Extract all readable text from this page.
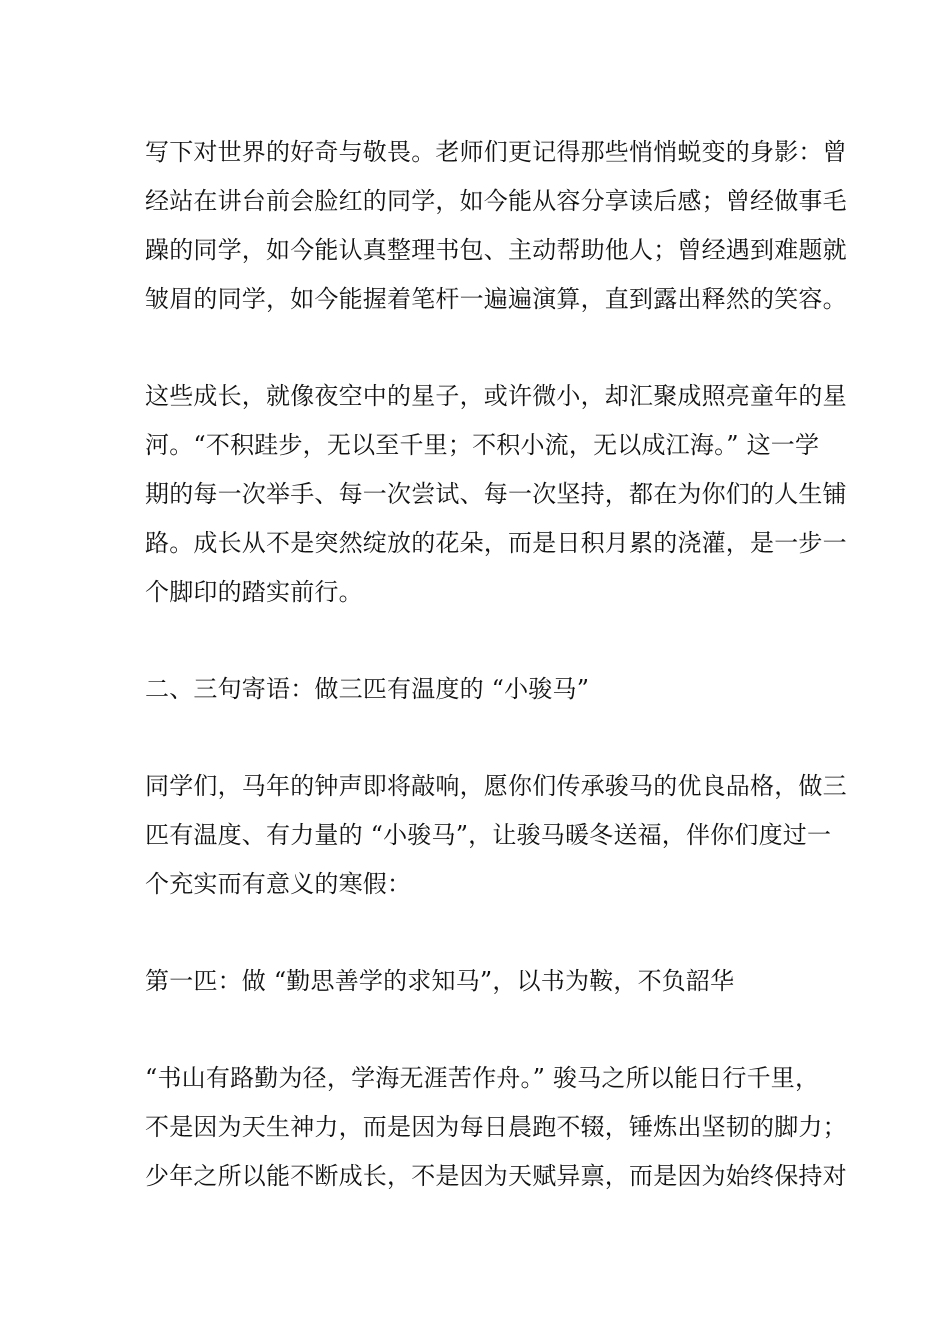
写下对世界的好奇与敬畏。老师们更记得那些悄悄蜕变的身影：曾
经站在讲台前会脸红的同学，如今能从容分享读后感；曾经做事毛
躁的同学，如今能认真整理书包、主动帮助他人；曾经遇到难题就
皱眉的同学，如今能握着笔杆一遍遍演算，直到露出释然的笑容。
这些成长，就像夜空中的星子，或许微小，却汇聚成照亮童年的星
河。“不积跬步，无以至千里；不积小流，无以成江海。” 这一学
期的每一次举手、每一次尝试、每一次坚持，都在为你们的人生铺
路。成长从不是突然绽放的花朵，而是日积月累的浇灌，是一步一
个脚印的踏实前行。
二、三句寄语：做三匹有温度的 “小骏马”
同学们，马年的钟声即将敲响，愿你们传承骏马的优良品格，做三
匹有温度、有力量的 “小骏马”，让骏马暖冬送福，伴你们度过一
个充实而有意义的寒假：
第一匹：做 “勤思善学的求知马”，以书为鞍，不负韶华
“书山有路勤为径，学海无涯苦作舟。” 骏马之所以能日行千里，
不是因为天生神力，而是因为每日晨跑不辍，锤炼出坚韧的脚力；
少年之所以能不断成长，不是因为天赋异禀，而是因为始终保持对
